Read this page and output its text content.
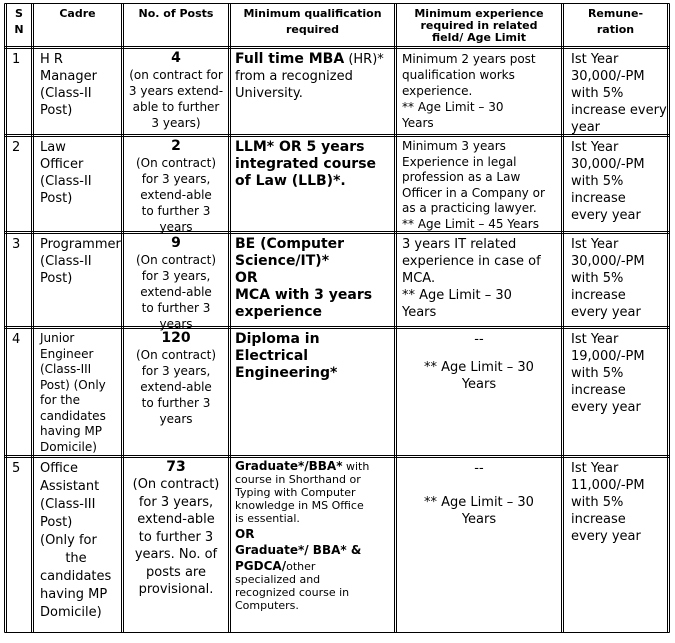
S
N
Cadre	No. of Posts	Minimum qualification
required
Minimum experience
required in related
field/ Age Limit
Remune-
ration
1 H R
Manager
(Class-II
Post)
4
(on contract for
3 years extend-
able to further
3 years)
Full time MBA (HR)*
from a recognized
University.
Minimum 2 years post
qualification works
experience.
** Age Limit – 30
Years
Ist Year
30,000/-PM
with 5%
increase every
year
2 Law
Officer
(Class-II
Post)
2
(On contract)
for 3 years,
extend-able
to further 3
years
LLM* OR 5 years
integrated course
of Law (LLB)*.
Minimum 3 years
Experience in legal
profession as a Law
Officer in a Company or
as a practicing lawyer.
** Age Limit – 45 Years
Ist Year
30,000/-PM
with 5%
increase
every year
3 Programmer
(Class-II
Post)
9
(On contract)
for 3 years,
extend-able
to further 3
years
BE (Computer
Science/IT)*
OR
MCA with 3 years
experience
3 years IT related
experience in case of
MCA.
** Age Limit – 30
Years
Ist Year
30,000/-PM
with 5%
increase
every year
4 Junior
Engineer
(Class-III
Post) (Only
for the
candidates
having MP
Domicile)
120
(On contract)
for 3 years,
extend-able
to further 3
years
Diploma in
Electrical
Engineering*
--
** Age Limit – 30
Years
Ist Year
19,000/-PM
with 5%
increase
every year
5 Office
Assistant
(Class-III
Post)
(Only for
the
candidates
having MP
Domicile)
73
(On contract)
for 3 years,
extend-able
to further 3
years. No. of
posts are
provisional.
Graduate*/BBA* with
course in Shorthand or
Typing with Computer
knowledge in MS Office
is essential.
OR
Graduate*/ BBA* &
PGDCA/other
specialized and
recognized course in
Computers.
--
** Age Limit – 30
Years
Ist Year
11,000/-PM
with 5%
increase
every year
